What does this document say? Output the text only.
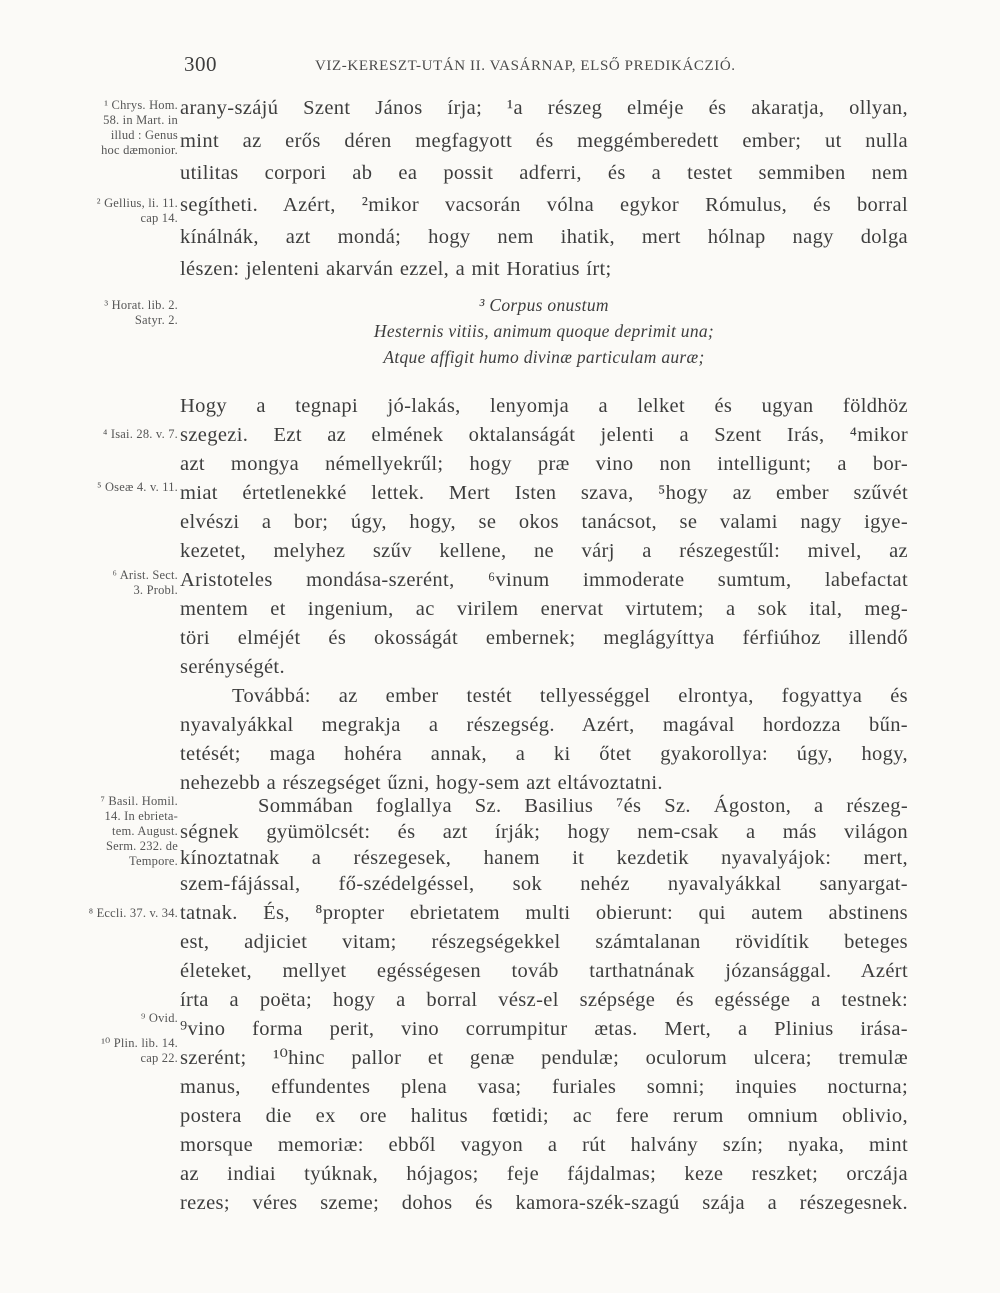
300	VIZ-KERESZT-UTÁN II. VASÁRNAP, ELSŐ PREDIKÁCZIÓ.
¹ Chrys. Hom.
58. in Mart. in
illud : Genus
hoc dæmonior.
² Gellius, li. 11.
cap 14.
³ Horat. lib. 2.
Satyr. 2.
⁴ Isai. 28. v. 7.
⁵ Oseæ 4. v. 11.
⁶ Arist. Sect.
3. Probl.
⁷ Basil. Homil.
14. In ebrieta-
tem. August.
Serm. 232. de
Tempore.
⁸ Eccli. 37. v. 34.
⁹ Ovid.
¹⁰ Plin. lib. 14.
cap 22.
arany-szájú Szent János írja; ¹a részeg elméje és akaratja, ollyan,
mint az erős déren megfagyott és meggémberedett ember; ut nulla
utilitas corpori ab ea possit adferri, és a testet semmiben nem
segítheti. Azért, ²mikor vacsorán vólna egykor Rómulus, és borral
kínálnák, azt mondá; hogy nem ihatik, mert hólnap nagy dolga
lészen: jelenteni akarván ezzel, a mit Horatius írt;
³ Corpus onustum
Hesternis vitiis, animum quoque deprimit una;
Atque affigit humo divinæ particulam auræ;
Hogy a tegnapi jó-lakás, lenyomja a lelket és ugyan földhöz
szegezi. Ezt az elmének oktalanságát jelenti a Szent Irás, ⁴mikor
azt mongya némellyekrűl; hogy præ vino non intelligunt; a bor-
miat értetlenekké lettek. Mert Isten szava, ⁵hogy az ember szűvét
elvészi a bor; úgy, hogy, se okos tanácsot, se valami nagy igye-
kezetet, melyhez szűv kellene, ne várj a részegestűl: mivel, az
Aristoteles mondása-szerént, ⁶vinum immoderate sumtum, labefactat
mentem et ingenium, ac virilem enervat virtutem; a sok ital, meg-
töri elméjét és okosságát embernek; meglágyíttya férfiúhoz illendő
serénységét.
Továbbá: az ember testét tellyességgel elrontya, fogyattya és
nyavalyákkal megrakja a részegség. Azért, magával hordozza bűn-
tetését; maga hohéra annak, a ki őtet gyakorollya: úgy, hogy,
nehezebb a részegséget űzni, hogy-sem azt eltávoztatni.
Sommában foglallya Sz. Basilius ⁷és Sz. Ágoston, a részeg-
ségnek gyümölcsét: és azt írják; hogy nem-csak a más világon
kínoztatnak a részegesek, hanem it kezdetik nyavalyájok: mert,
szem-fájással, fő-szédelgéssel, sok nehéz nyavalyákkal sanyargat-
tatnak. És, ⁸propter ebrietatem multi obierunt: qui autem abstinens
est, adjiciet vitam; részegségekkel számtalanan rövidítik beteges
életeket, mellyet egésségesen továb tarthatnának józansággal. Azért
írta a poëta; hogy a borral vész-el szépsége és egéssége a testnek:
⁹vino forma perit, vino corrumpitur ætas. Mert, a Plinius irása-
szerént; ¹⁰hinc pallor et genæ pendulæ; oculorum ulcera; tremulæ
manus, effundentes plena vasa; furiales somni; inquies nocturna;
postera die ex ore halitus fœtidi; ac fere rerum omnium oblivio,
morsque memoriæ: ebből vagyon a rút halvány szín; nyaka, mint
az indiai tyúknak, hójagos; feje fájdalmas; keze reszket; orczája
rezes; véres szeme; dohos és kamora-szék-szagú szája a részegesnek.
